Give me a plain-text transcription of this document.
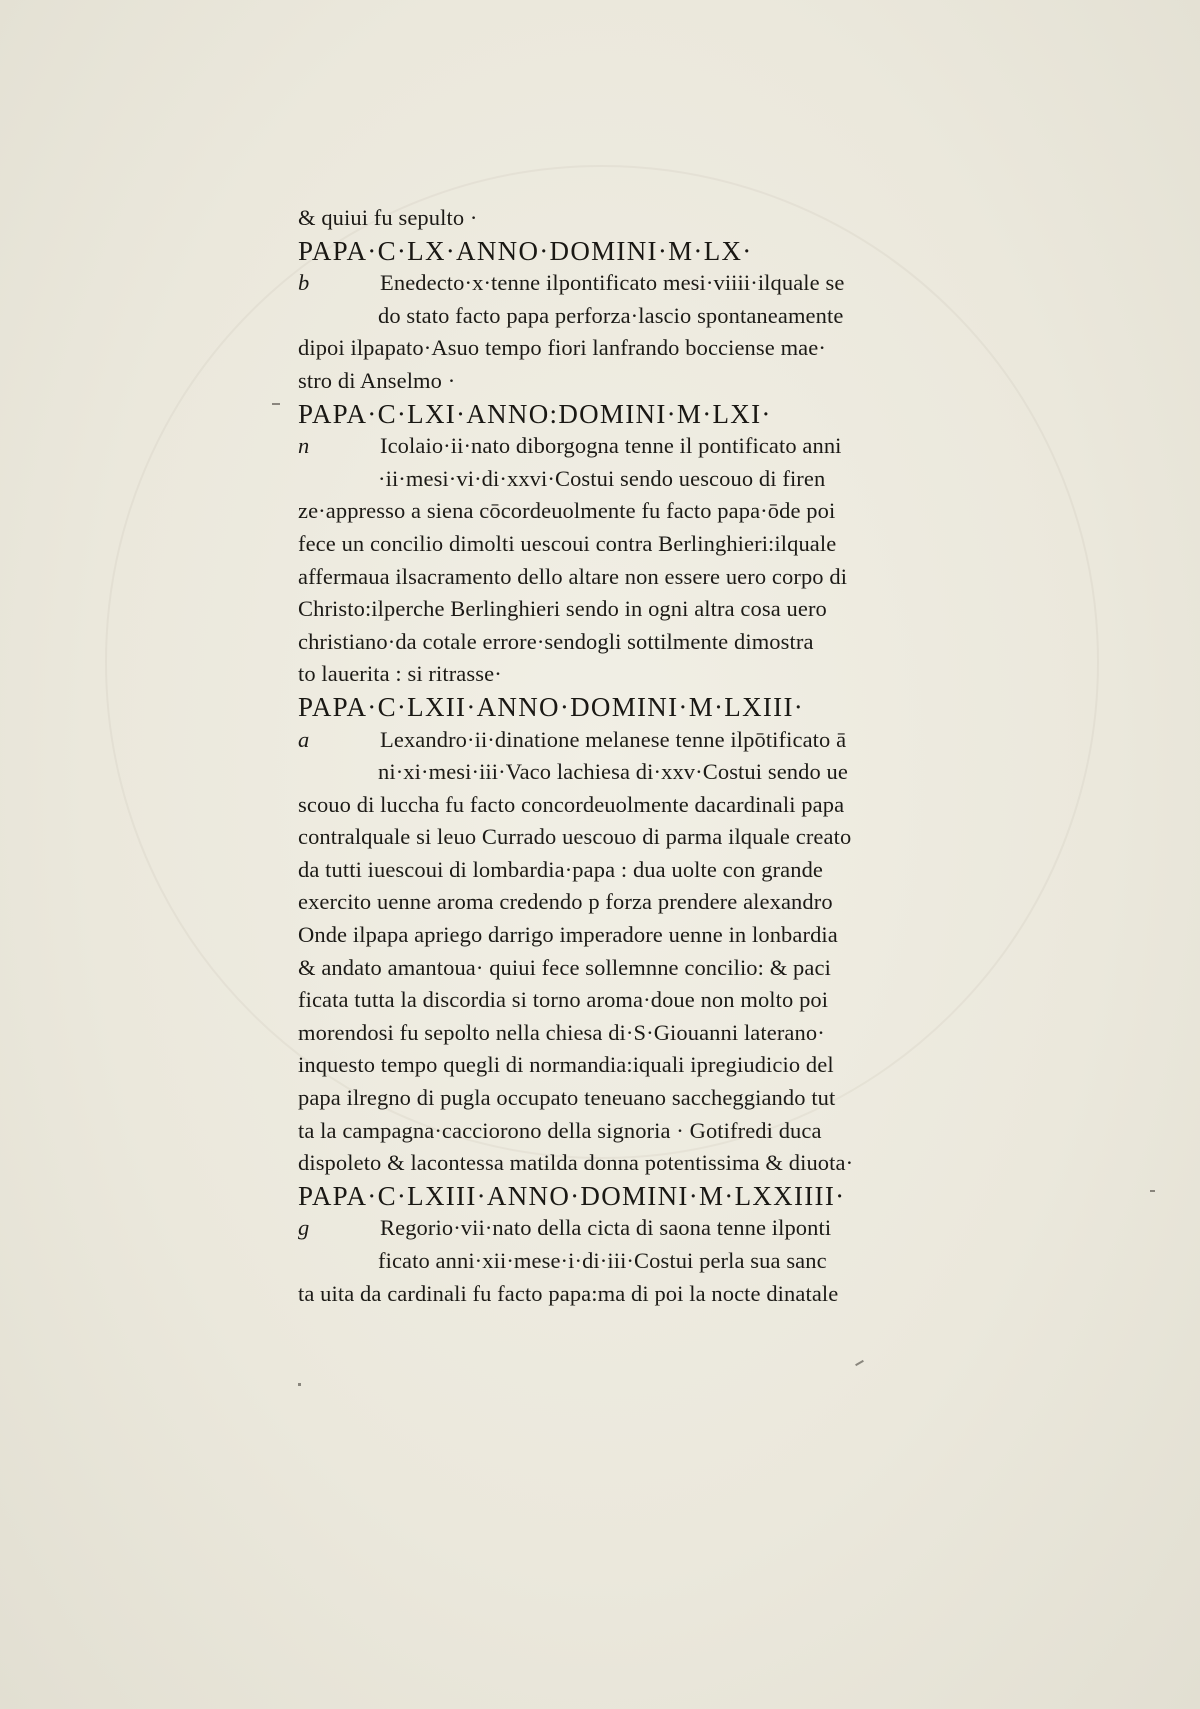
& quiui fu sepulto ·
PAPA·C·LX·ANNO·DOMINI·M·LX·
b	Enedecto·x·tenne ilpontificato mesi·viiii·ilquale se
do stato facto papa perforza·lascio spontaneamente
dipoi ilpapato·Asuo tempo fiori lanfrando bocciense mae·
stro di Anselmo ·
PAPA·C·LXI·ANNO:DOMINI·M·LXI·
n	Icolaio·ii·nato diborgogna tenne il pontificato anni
·ii·mesi·vi·di·xxvi·Costui sendo uescouo di firen
ze·appresso a siena cōcordeuolmente fu facto papa·ōde poi
fece un concilio dimolti uescoui contra Berlinghieri:ilquale
affermaua ilsacramento dello altare non essere uero corpo di
Christo:ilperche Berlinghieri sendo in ogni altra cosa uero
christiano·da cotale errore·sendogli sottilmente dimostra
to lauerita : si ritrasse·
PAPA·C·LXII·ANNO·DOMINI·M·LXIII·
a	Lexandro·ii·dinatione melanese tenne ilpōtificato ā
ni·xi·mesi·iii·Vaco lachiesa di·xxv·Costui sendo ue
scouo di luccha fu facto concordeuolmente dacardinali papa
contralquale si leuo Currado uescouo di parma ilquale creato
da tutti iuescoui di lombardia·papa : dua uolte con grande
exercito uenne aroma credendo p forza prendere alexandro
Onde ilpapa apriego darrigo imperadore uenne in lonbardia
& andato amantoua· quiui fece sollemnne concilio: & paci
ficata tutta la discordia si torno aroma·doue non molto poi
morendosi fu sepolto nella chiesa di·S·Giouanni laterano·
inquesto tempo quegli di normandia:iquali ipregiudicio del
papa ilregno di pugla occupato teneuano saccheggiando tut
ta la campagna·cacciorono della signoria · Gotifredi duca
dispoleto & lacontessa matilda donna potentissima & diuota·
PAPA·C·LXIII·ANNO·DOMINI·M·LXXIIII·
g	Regorio·vii·nato della cicta di saona tenne ilponti
ficato anni·xii·mese·i·di·iii·Costui perla sua sanc
ta uita da cardinali fu facto papa:ma di poi la nocte dinatale
